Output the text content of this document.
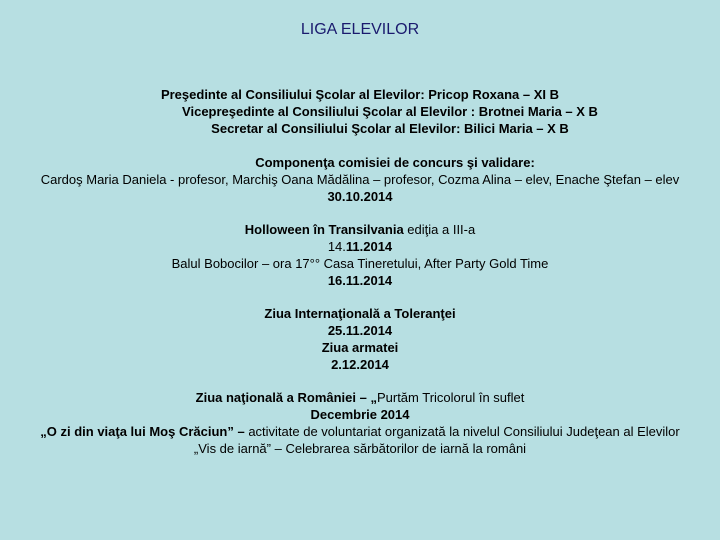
LIGA ELEVILOR
Preşedinte al Consiliului Şcolar al Elevilor: Pricop Roxana – XI B
Vicepreşedinte al Consiliului Şcolar al Elevilor : Brotnei Maria – X B
Secretar al Consiliului Şcolar al Elevilor: Bilici Maria – X B
Componenţa comisiei de concurs şi validare:
Cardoş Maria Daniela - profesor, Marchiş Oana Mădălina – profesor, Cozma Alina – elev, Enache Ştefan – elev
30.10.2014
Holloween în Transilvania ediţia a III-a
14.11.2014
Balul Bobocilor – ora 17°° Casa Tineretului, After Party Gold Time
16.11.2014
Ziua Internaţională a Toleranţei
25.11.2014
Ziua armatei
2.12.2014
Ziua naţională a României – „Purtăm Tricolorul în suflet
Decembrie 2014
„O zi din viaţa lui Moş Crăciun” – activitate de voluntariat organizată la nivelul Consiliului Judeţean al Elevilor
„Vis de iarnă” – Celebrarea sărbătorilor de iarnă la români
